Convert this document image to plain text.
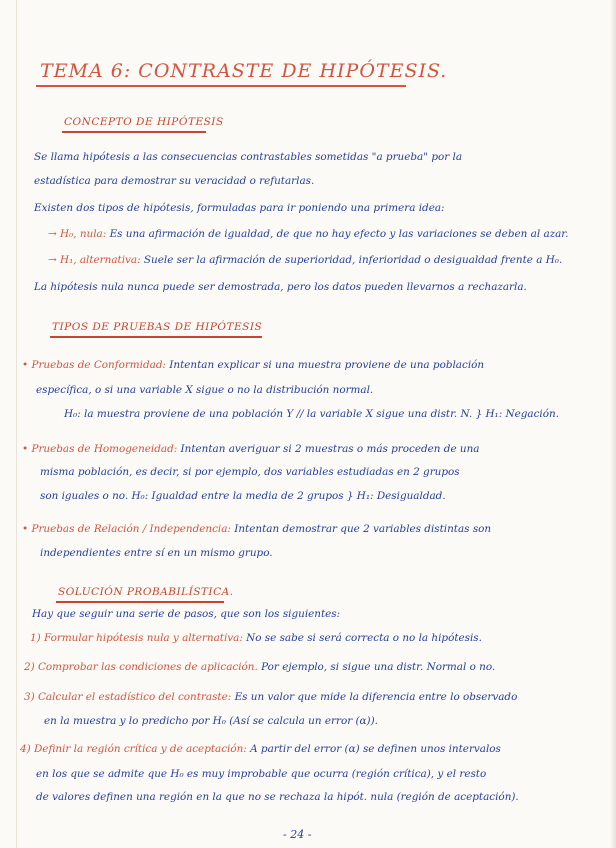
TEMA 6: CONTRASTE DE HIPÓTESIS.
CONCEPTO DE HIPÓTESIS
Se llama hipótesis a las consecuencias contrastables sometidas "a prueba" por la
estadística para demostrar su veracidad o refutarlas.
Existen dos tipos de hipótesis, formuladas para ir poniendo una primera idea:
→ H₀, nula: Es una afirmación de igualdad, de que no hay efecto y las variaciones se deben al azar.
→ H₁, alternativa: Suele ser la afirmación de superioridad, inferioridad o desigualdad frente a H₀.
La hipótesis nula nunca puede ser demostrada, pero los datos pueden llevarnos a rechazarla.
TIPOS DE PRUEBAS DE HIPÓTESIS
• Pruebas de Conformidad: Intentan explicar si una muestra proviene de una población
específica, o si una variable X sigue o no la distribución normal.
H₀: la muestra proviene de una población Y // la variable X sigue una distr. N. } H₁: Negación.
• Pruebas de Homogeneidad: Intentan averiguar si 2 muestras o más proceden de una
misma población, es decir, si por ejemplo, dos variables estudiadas en 2 grupos
son iguales o no. H₀: Igualdad entre la media de 2 grupos } H₁: Desigualdad.
• Pruebas de Relación / Independencia: Intentan demostrar que 2 variables distintas son
independientes entre sí en un mismo grupo.
SOLUCIÓN PROBABILÍSTICA.
Hay que seguir una serie de pasos, que son los siguientes:
1) Formular hipótesis nula y alternativa: No se sabe si será correcta o no la hipótesis.
2) Comprobar las condiciones de aplicación. Por ejemplo, si sigue una distr. Normal o no.
3) Calcular el estadístico del contraste: Es un valor que mide la diferencia entre lo observado
en la muestra y lo predicho por H₀ (Así se calcula un error (α)).
4) Definir la región crítica y de aceptación: A partir del error (α) se definen unos intervalos
en los que se admite que H₀ es muy improbable que ocurra (región crítica), y el resto
de valores definen una región en la que no se rechaza la hipót. nula (región de aceptación).
- 24 -
